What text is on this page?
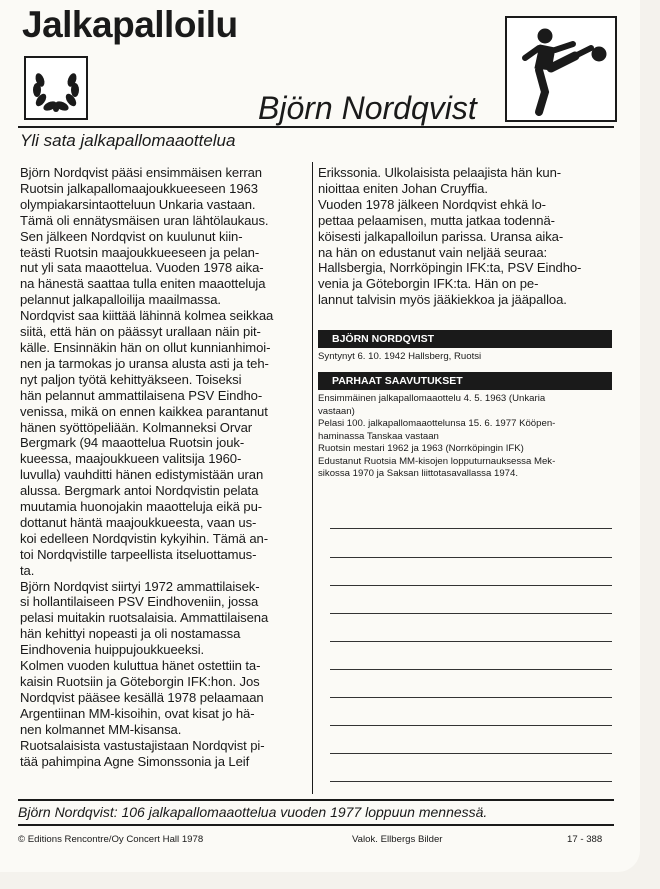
Jalkapalloilu
Björn Nordqvist
Yli sata jalkapallomaaottelua
Björn Nordqvist pääsi ensimmäisen kerran
Ruotsin jalkapallomaajoukkueeseen 1963
olympiakarsintaotteluun Unkaria vastaan.
Tämä oli ennätysmäisen uran lähtölaukaus.
Sen jälkeen Nordqvist on kuulunut kiin-
teästi Ruotsin maajoukkueeseen ja pelan-
nut yli sata maaottelua. Vuoden 1978 aika-
na hänestä saattaa tulla eniten maaotteluja
pelannut jalkapalloilija maailmassa.
Nordqvist saa kiittää lähinnä kolmea seikkaa
siitä, että hän on päässyt urallaan näin pit-
källe. Ensinnäkin hän on ollut kunnianhimoi-
nen ja tarmokas jo uransa alusta asti ja teh-
nyt paljon työtä kehittyäkseen. Toiseksi
hän pelannut ammattilaisena PSV Eindho-
venissa, mikä on ennen kaikkea parantanut
hänen syöttöpeliään. Kolmanneksi Orvar
Bergmark (94 maaottelua Ruotsin jouk-
kueessa, maajoukkueen valitsija 1960-
luvulla) vauhditti hänen edistymistään uran
alussa. Bergmark antoi Nordqvistin pelata
muutamia huonojakin maaotteluja eikä pu-
dottanut häntä maajoukkueesta, vaan us-
koi edelleen Nordqvistin kykyihin. Tämä an-
toi Nordqvistille tarpeellista itseluottamus-
ta.
Björn Nordqvist siirtyi 1972 ammattilaisek-
si hollantilaiseen PSV Eindhoveniin, jossa
pelasi muitakin ruotsalaisia. Ammattilaisena
hän kehittyi nopeasti ja oli nostamassa
Eindhovenia huippujoukkueeksi.
Kolmen vuoden kuluttua hänet ostettiin ta-
kaisin Ruotsiin ja Göteborgin IFK:hon. Jos
Nordqvist pääsee kesällä 1978 pelaamaan
Argentiinan MM-kisoihin, ovat kisat jo hä-
nen kolmannet MM-kisansa.
Ruotsalaisista vastustajistaan Nordqvist pi-
tää pahimpina Agne Simonssonia ja Leif
Erikssonia. Ulkolaisista pelaajista hän kun-
nioittaa eniten Johan Cruyffia.
Vuoden 1978 jälkeen Nordqvist ehkä lo-
pettaa pelaamisen, mutta jatkaa todennä-
köisesti jalkapalloilun parissa. Uransa aika-
na hän on edustanut vain neljää seuraa:
Hallsbergia, Norrköpingin IFK:ta, PSV Eindho-
venia ja Göteborgin IFK:ta. Hän on pe-
lannut talvisin myös jääkiekkoa ja jääpalloa.
BJÖRN NORDQVIST
Syntynyt 6. 10. 1942 Hallsberg, Ruotsi
PARHAAT SAAVUTUKSET
Ensimmäinen jalkapallomaaottelu 4. 5. 1963 (Unkaria
vastaan)
Pelasi 100. jalkapallomaaottelunsa 15. 6. 1977 Kööpen-
haminassa Tanskaa vastaan
Ruotsin mestari 1962 ja 1963 (Norrköpingin IFK)
Edustanut Ruotsia MM-kisojen lopputurnauksessa Mek-
sikossa 1970 ja Saksan liittotasavallassa 1974.
Björn Nordqvist: 106 jalkapallomaaottelua vuoden 1977 loppuun mennessä.
© Editions Rencontre/Oy Concert Hall 1978	Valok. Ellbergs Bilder	17 - 388
